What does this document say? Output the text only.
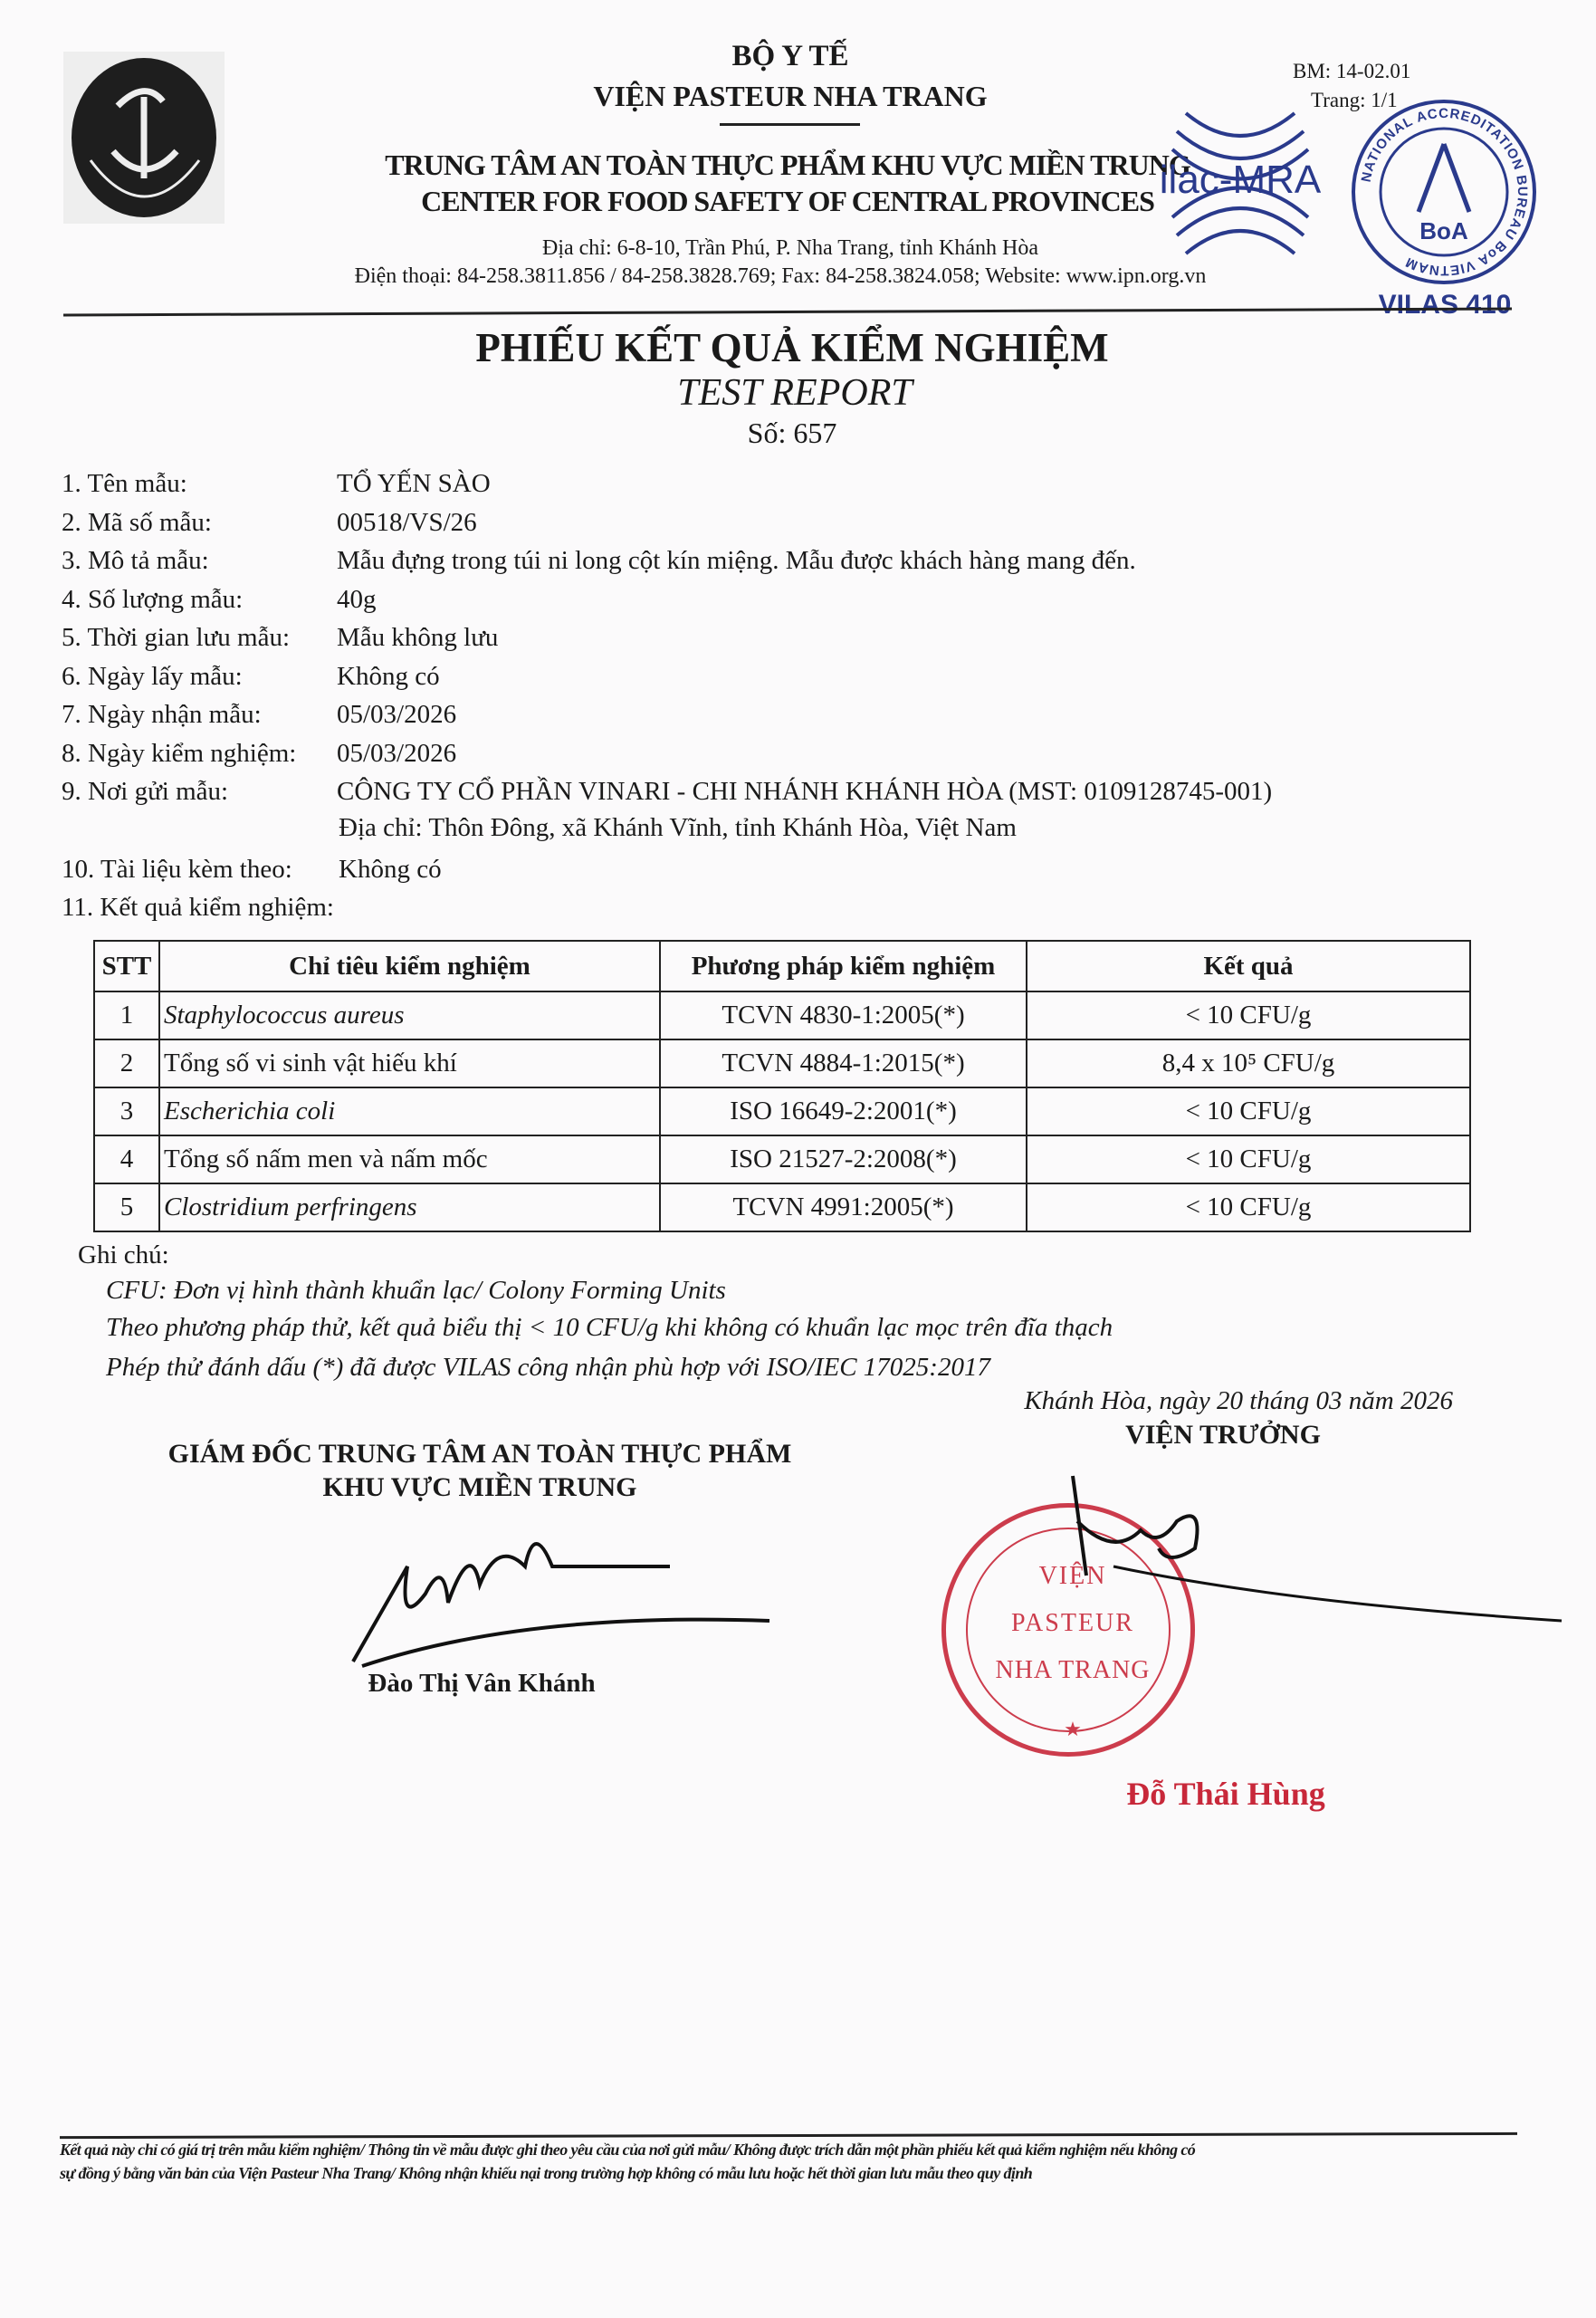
BỘ Y TẾ
VIỆN PASTEUR NHA TRANG
TRUNG TÂM AN TOÀN THỰC PHẨM KHU VỰC MIỀN TRUNG
CENTER FOR FOOD SAFETY OF CENTRAL PROVINCES
Địa chỉ: 6-8-10, Trần Phú, P. Nha Trang, tỉnh Khánh Hòa
Điện thoại: 84-258.3811.856 / 84-258.3828.769; Fax: 84-258.3824.058; Website: www.ipn.org.vn
BM: 14-02.01
Trang: 1/1
ilac-MRA
BoA
NATIONAL ACCREDITATION BUREAU BoA VIETNAM
VILAS 410
PHIẾU KẾT QUẢ KIỂM NGHIỆM
TEST REPORT
Số: 657
1. Tên mẫu:	TỔ YẾN SÀO
2. Mã số mẫu:	00518/VS/26
3. Mô tả mẫu:	Mẫu đựng trong túi ni long cột kín miệng. Mẫu được khách hàng mang đến.
4. Số lượng mẫu:	40g
5. Thời gian lưu mẫu: Mẫu không lưu
6. Ngày lấy mẫu:	Không có
7. Ngày nhận mẫu:	05/03/2026
8. Ngày kiểm nghiệm: 05/03/2026
9. Nơi gửi mẫu:	CÔNG TY CỔ PHẦN VINARI - CHI NHÁNH KHÁNH HÒA (MST: 0109128745-001)
Địa chỉ: Thôn Đông, xã Khánh Vĩnh, tỉnh Khánh Hòa, Việt Nam
10. Tài liệu kèm theo: Không có
11. Kết quả kiểm nghiệm:
STT	Chỉ tiêu kiểm nghiệm	Phương pháp kiểm nghiệm	Kết quả
1	Staphylococcus aureus	TCVN 4830-1:2005(*)	< 10 CFU/g
2	Tổng số vi sinh vật hiếu khí	TCVN 4884-1:2015(*)	8,4 x 10⁵ CFU/g
3	Escherichia coli	ISO 16649-2:2001(*)	< 10 CFU/g
4	Tổng số nấm men và nấm mốc	ISO 21527-2:2008(*)	< 10 CFU/g
5	Clostridium perfringens	TCVN 4991:2005(*)	< 10 CFU/g
Ghi chú:
CFU: Đơn vị hình thành khuẩn lạc/ Colony Forming Units
Theo phương pháp thử, kết quả biểu thị < 10 CFU/g khi không có khuẩn lạc mọc trên đĩa thạch
Phép thử đánh dấu (*) đã được VILAS công nhận phù hợp với ISO/IEC 17025:2017
Khánh Hòa, ngày 20 tháng 03 năm 2026
VIỆN TRƯỞNG
GIÁM ĐỐC TRUNG TÂM AN TOÀN THỰC PHẨM
KHU VỰC MIỀN TRUNG
Đào Thị Vân Khánh
VIỆN
PASTEUR
NHA TRANG
★
Đỗ Thái Hùng
Kết quả này chỉ có giá trị trên mẫu kiểm nghiệm/ Thông tin về mẫu được ghi theo yêu cầu của nơi gửi mẫu/ Không được trích dẫn một phần phiếu kết quả kiểm nghiệm nếu không có
sự đồng ý bằng văn bản của Viện Pasteur Nha Trang/ Không nhận khiếu nại trong trường hợp không có mẫu lưu hoặc hết thời gian lưu mẫu theo quy định
